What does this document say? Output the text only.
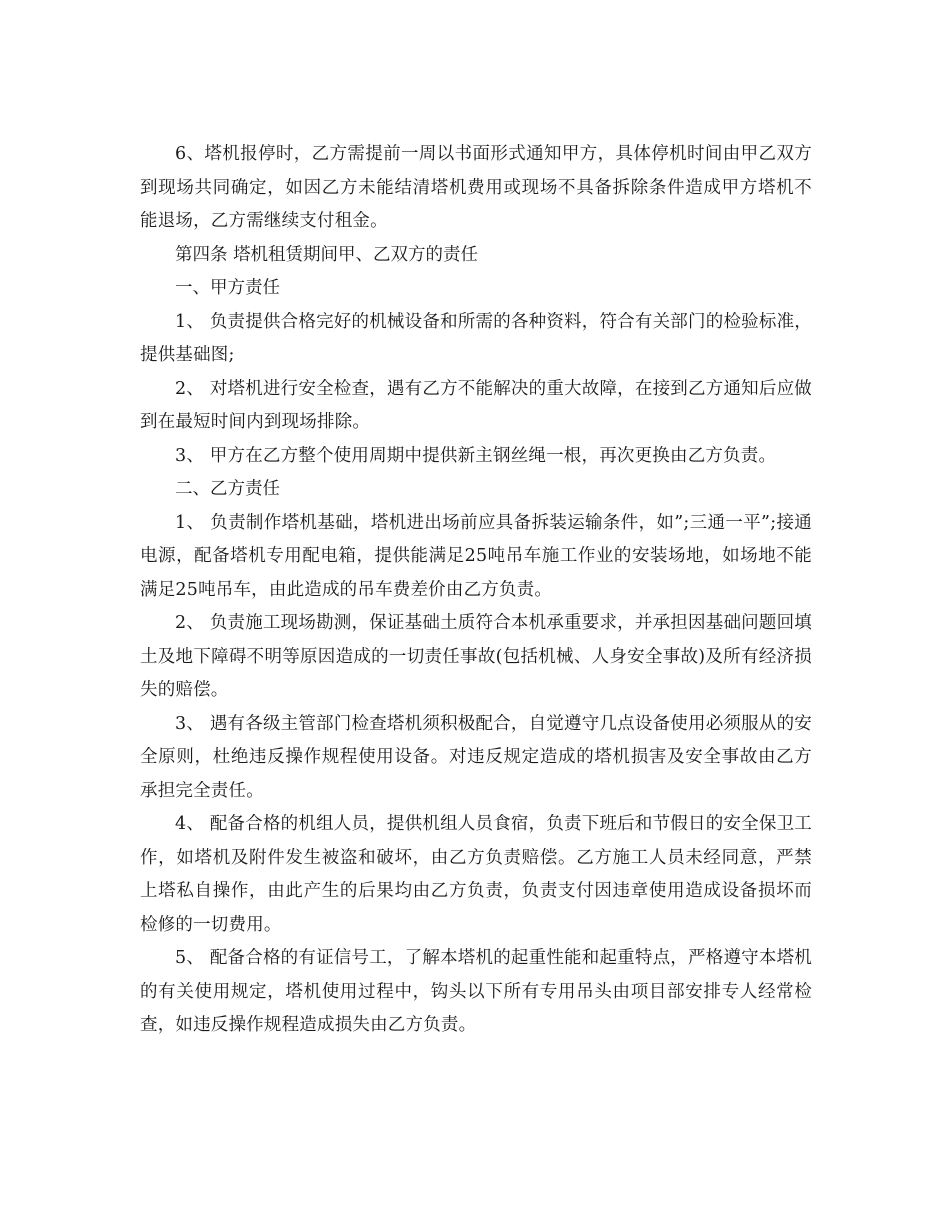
6、塔机报停时，乙方需提前一周以书面形式通知甲方，具体停机时间由甲乙双方到现场共同确定，如因乙方未能结清塔机费用或现场不具备拆除条件造成甲方塔机不能退场，乙方需继续支付租金。

第四条 塔机租赁期间甲、乙双方的责任

一、甲方责任

1、 负责提供合格完好的机械设备和所需的各种资料，符合有关部门的检验标准，提供基础图;

2、 对塔机进行安全检查，遇有乙方不能解决的重大故障，在接到乙方通知后应做到在最短时间内到现场排除。

3、 甲方在乙方整个使用周期中提供新主钢丝绳一根，再次更换由乙方负责。

二、乙方责任

1、 负责制作塔机基础，塔机进出场前应具备拆装运输条件，如”;三通一平”;接通电源，配备塔机专用配电箱，提供能满足25吨吊车施工作业的安装场地，如场地不能满足25吨吊车，由此造成的吊车费差价由乙方负责。

2、 负责施工现场勘测，保证基础土质符合本机承重要求，并承担因基础问题回填土及地下障碍不明等原因造成的一切责任事故(包括机械、人身安全事故)及所有经济损失的赔偿。

3、 遇有各级主管部门检查塔机须积极配合，自觉遵守几点设备使用必须服从的安全原则，杜绝违反操作规程使用设备。对违反规定造成的塔机损害及安全事故由乙方承担完全责任。

4、 配备合格的机组人员，提供机组人员食宿，负责下班后和节假日的安全保卫工作，如塔机及附件发生被盗和破坏，由乙方负责赔偿。乙方施工人员未经同意，严禁上塔私自操作，由此产生的后果均由乙方负责，负责支付因违章使用造成设备损坏而检修的一切费用。

5、 配备合格的有证信号工，了解本塔机的起重性能和起重特点，严格遵守本塔机的有关使用规定，塔机使用过程中，钩头以下所有专用吊头由项目部安排专人经常检查，如违反操作规程造成损失由乙方负责。
